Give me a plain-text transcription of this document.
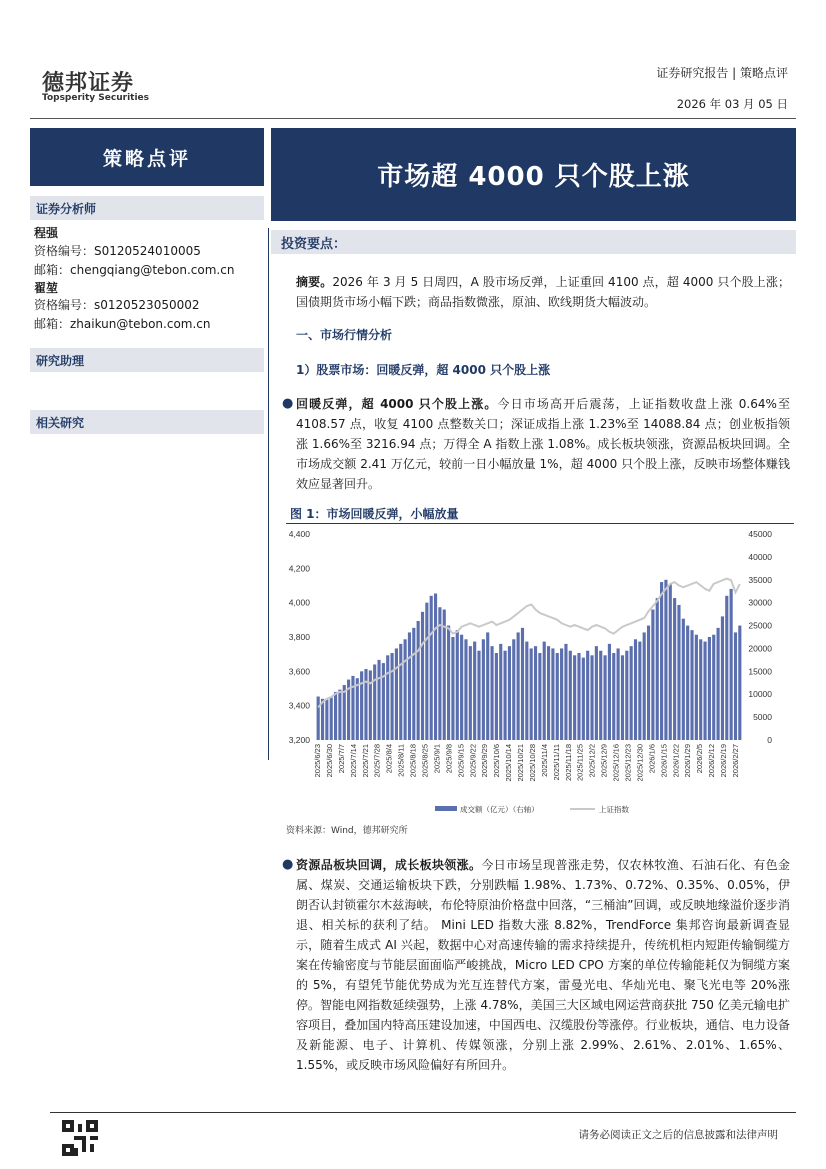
德邦证券
Topsperity Securities
证券研究报告 | 策略点评
2026 年 03 月 05 日
策略点评
证券分析师
程强
资格编号：S0120524010005
邮箱：chengqiang@tebon.com.cn
翟堃
资格编号：s0120523050002
邮箱：zhaikun@tebon.com.cn
研究助理
相关研究
市场超 4000 只个股上涨
投资要点：
摘要。2026 年 3 月 5 日周四，A 股市场反弹，上证重回 4100 点，超 4000 只个股上涨；国债期货市场小幅下跌；商品指数微涨，原油、欧线期货大幅波动。
一、市场行情分析
1）股票市场：回暖反弹，超 4000 只个股上涨
● 回暖反弹，超 4000 只个股上涨。今日市场高开后震荡，上证指数收盘上涨 0.64%至 4108.57 点，收复 4100 点整数关口；深证成指上涨 1.23%至 14088.84 点；创业板指领涨 1.66%至 3216.94 点；万得全 A 指数上涨 1.08%。成长板块领涨，资源品板块回调。全市场成交额 2.41 万亿元，较前一日小幅放量 1%，超 4000 只个股上涨，反映市场整体赚钱效应显著回升。
图 1：市场回暖反弹，小幅放量
3,200
3,400
3,600
3,800
4,000
4,200
4,400
0
5000
10000
15000
20000
25000
30000
35000
40000
45000
2025/6/23 2025/6/30 2025/7/7 2025/7/14 2025/7/21 2025/7/28 2025/8/4 2025/8/11 2025/8/18 2025/8/25 2025/9/1 2025/9/8 2025/9/15 2025/9/22 2025/9/29 2025/10/6 2025/10/14 2025/10/21 2025/10/28 2025/11/4 2025/11/11 2025/11/18 2025/11/25 2025/12/2 2025/12/9 2025/12/16 2025/12/23 2025/12/30 2026/1/6 2026/1/15 2026/1/22 2026/1/29 2026/2/5 2026/2/12 2026/2/19 2026/2/27
成交额（亿元）（右轴）	上证指数
资料来源：Wind，德邦研究所
● 资源品板块回调，成长板块领涨。今日市场呈现普涨走势，仅农林牧渔、石油石化、有色金属、煤炭、交通运输板块下跌，分别跌幅 1.98%、1.73%、0.72%、0.35%、0.05%，伊朗否认封锁霍尔木兹海峡，布伦特原油价格盘中回落，“三桶油”回调，或反映地缘溢价逐步消退、相关标的获利了结。 Mini LED 指数大涨 8.82%，TrendForce 集邦咨询最新调查显示，随着生成式 AI 兴起，数据中心对高速传输的需求持续提升，传统机柜内短距传输铜缆方案在传输密度与节能层面面临严峻挑战，Micro LED CPO 方案的单位传输能耗仅为铜缆方案的 5%，有望凭节能优势成为光互连替代方案，雷曼光电、华灿光电、聚飞光电等 20%涨停。智能电网指数延续强势，上涨 4.78%，美国三大区域电网运营商获批 750 亿美元输电扩容项目，叠加国内特高压建设加速，中国西电、汉缆股份等涨停。行业板块，通信、电力设备及新能源、电子、计算机、传媒领涨，分别上涨 2.99%、2.61%、2.01%、1.65%、1.55%，或反映市场风险偏好有所回升。
请务必阅读正文之后的信息披露和法律声明
